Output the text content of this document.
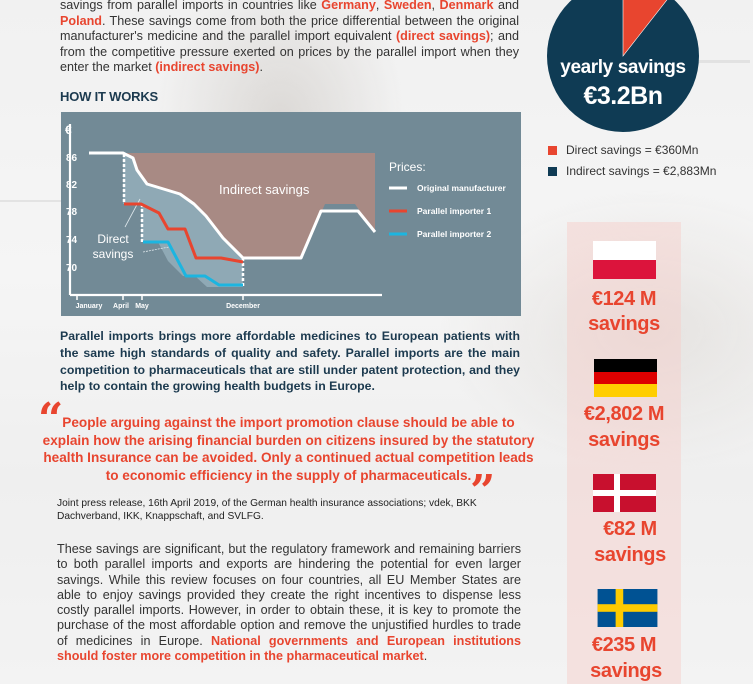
savings from parallel imports in countries like Germany, Sweden, Denmark and Poland. These savings come from both the price differential between the original manufacturer's medicine and the parallel import equivalent (direct savings); and from the competitive pressure exerted on prices by the parallel import when they enter the market (indirect savings).

HOW IT WORKS
€
86
82
78
74
70
January April May	December
Indirect savings
Direct
savings
Prices:
Original manufacturer
Parallel importer 1
Parallel importer 2

Parallel imports brings more affordable medicines to European patients with the same high standards of quality and safety. Parallel imports are the main competition to pharmaceuticals that are still under patent protection, and they help to contain the growing health budgets in Europe.

“

People arguing against the import promotion clause should be able to explain how the arising financial burden on citizens insured by the statutory health Insurance can be avoided. Only a continued actual competition leads to economic efficiency in the supply of pharmaceuticals.

”

Joint press release, 16th April 2019, of the German health insurance associations; vdek, BKK Dachverband, IKK, Knappschaft, and SVLFG.

These savings are significant, but the regulatory framework and remaining barriers to both parallel imports and exports are hindering the potential for even larger savings. While this review focuses on four countries, all EU Member States are able to enjoy savings provided they create the right incentives to dispense less costly parallel imports. However, in order to obtain these, it is key to promote the purchase of the most affordable option and remove the unjustified hurdles to trade of medicines in Europe. National governments and European institutions should foster more competition in the pharmaceutical market.

yearly savings
€3.2Bn
Direct savings = €360Mn
Indirect savings = €2,883Mn
€124 M
savings
€2,802 M
savings
€82 M
savings
€235 M
savings
